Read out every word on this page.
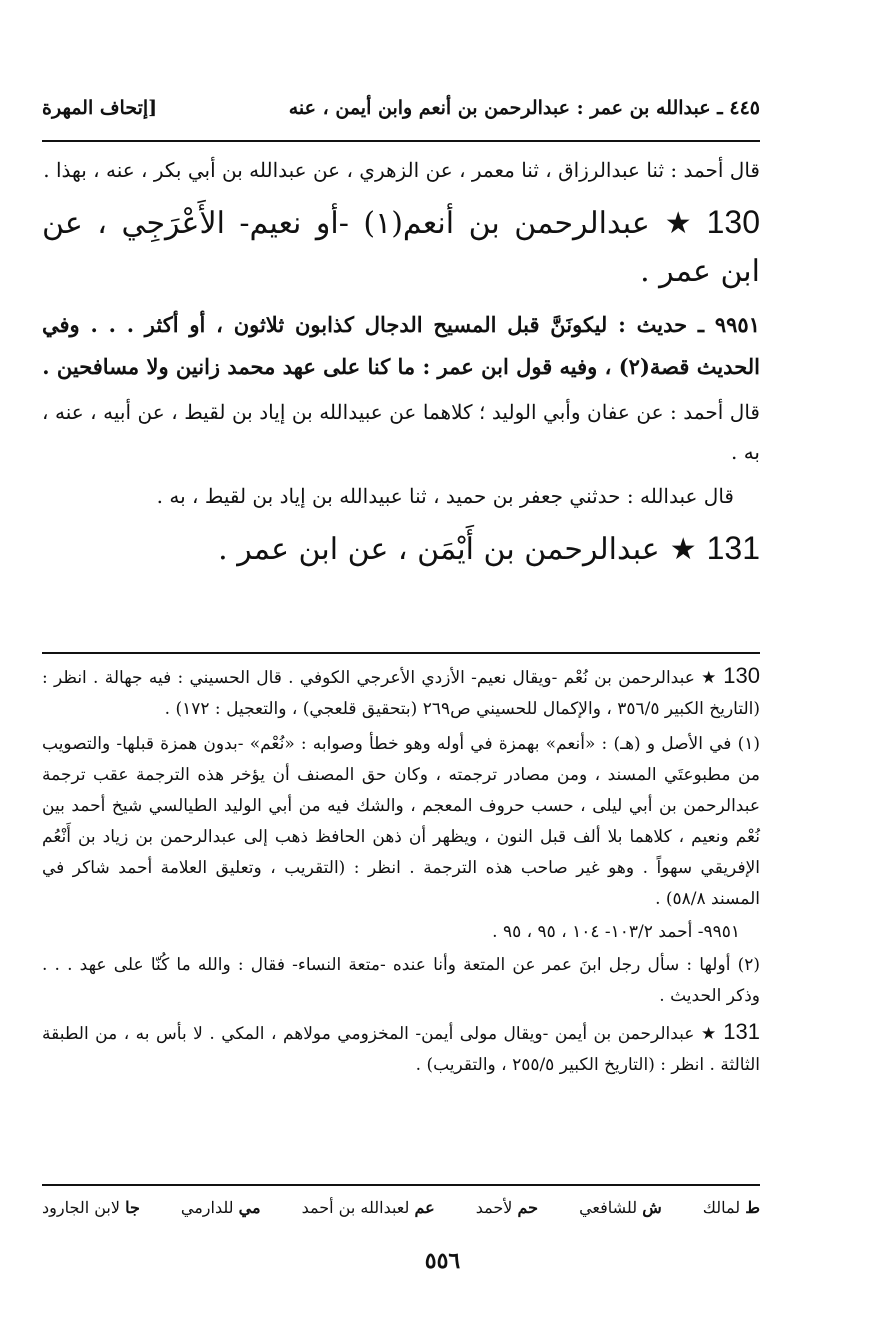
٤٤٥ ـ عبدالله بن عمر : عبدالرحمن بن أنعم وابن أيمن ، عنه
[إتحاف المهرة

قال أحمد : ثنا عبدالرزاق ، ثنا معمر ، عن الزهري ، عن عبدالله بن أبي بكر ، عنه ، بهذا .

130★عبدالرحمن بن أنعم(١) -أو نعيم- الأَعْرَجِي ، عن ابن عمر .

٩٩٥١ ـ حديث : ليكونَنَّ قبل المسيح الدجال كذابون ثلاثون ، أو أكثر . . . وفي الحديث قصة(٢) ، وفيه قول ابن عمر : ما كنا على عهد محمد زانين ولا مسافحين .

قال أحمد : عن عفان وأبي الوليد ؛ كلاهما عن عبيدالله بن إياد بن لقيط ، عن أبيه ، عنه ، به .

قال عبدالله : حدثني جعفر بن حميد ، ثنا عبيدالله بن إياد بن لقيط ، به .

131★عبدالرحمن بن أَيْمَن ، عن ابن عمر .

130★ عبدالرحمن بن نُعْم -ويقال نعيم- الأزدي الأعرجي الكوفي . قال الحسيني : فيه جهالة . انظر : (التاريخ الكبير ٣٥٦/٥ ، والإكمال للحسيني ص٢٦٩ (بتحقيق قلعجي) ، والتعجيل : ١٧٢) .

(١) في الأصل و (هـ) : «أنعم» بهمزة في أوله وهو خطأ وصوابه : «نُعْم» -بدون همزة قبلها- والتصويب من مطبوعتَي المسند ، ومن مصادر ترجمته ، وكان حق المصنف أن يؤخر هذه الترجمة عقب ترجمة عبدالرحمن بن أبي ليلى ، حسب حروف المعجم ، والشك فيه من أبي الوليد الطيالسي شيخ أحمد بين نُعْم ونعيم ، كلاهما بلا ألف قبل النون ، ويظهر أن ذهن الحافظ ذهب إلى عبدالرحمن بن زياد بن أَنْعُم الإفريقي سهواً . وهو غير صاحب هذه الترجمة . انظر : (التقريب ، وتعليق العلامة أحمد شاكر في المسند ٥٨/٨) .

٩٩٥١- أحمد ١٠٣/٢- ١٠٤ ، ٩٥ ، ٩٥ .

(٢) أولها : سأل رجل ابنَ عمر عن المتعة وأنا عنده -متعة النساء- فقال : والله ما كُنّا على عهد . . . وذكر الحديث .

131★ عبدالرحمن بن أيمن -ويقال مولى أيمن- المخزومي مولاهم ، المكي . لا بأس به ، من الطبقة الثالثة . انظر : (التاريخ الكبير ٢٥٥/٥ ، والتقريب) .

ط لمالك
ش للشافعي
حم لأحمد
عم لعبدالله بن أحمد
مي للدارمي
جا لابن الجارود
٥٥٦
